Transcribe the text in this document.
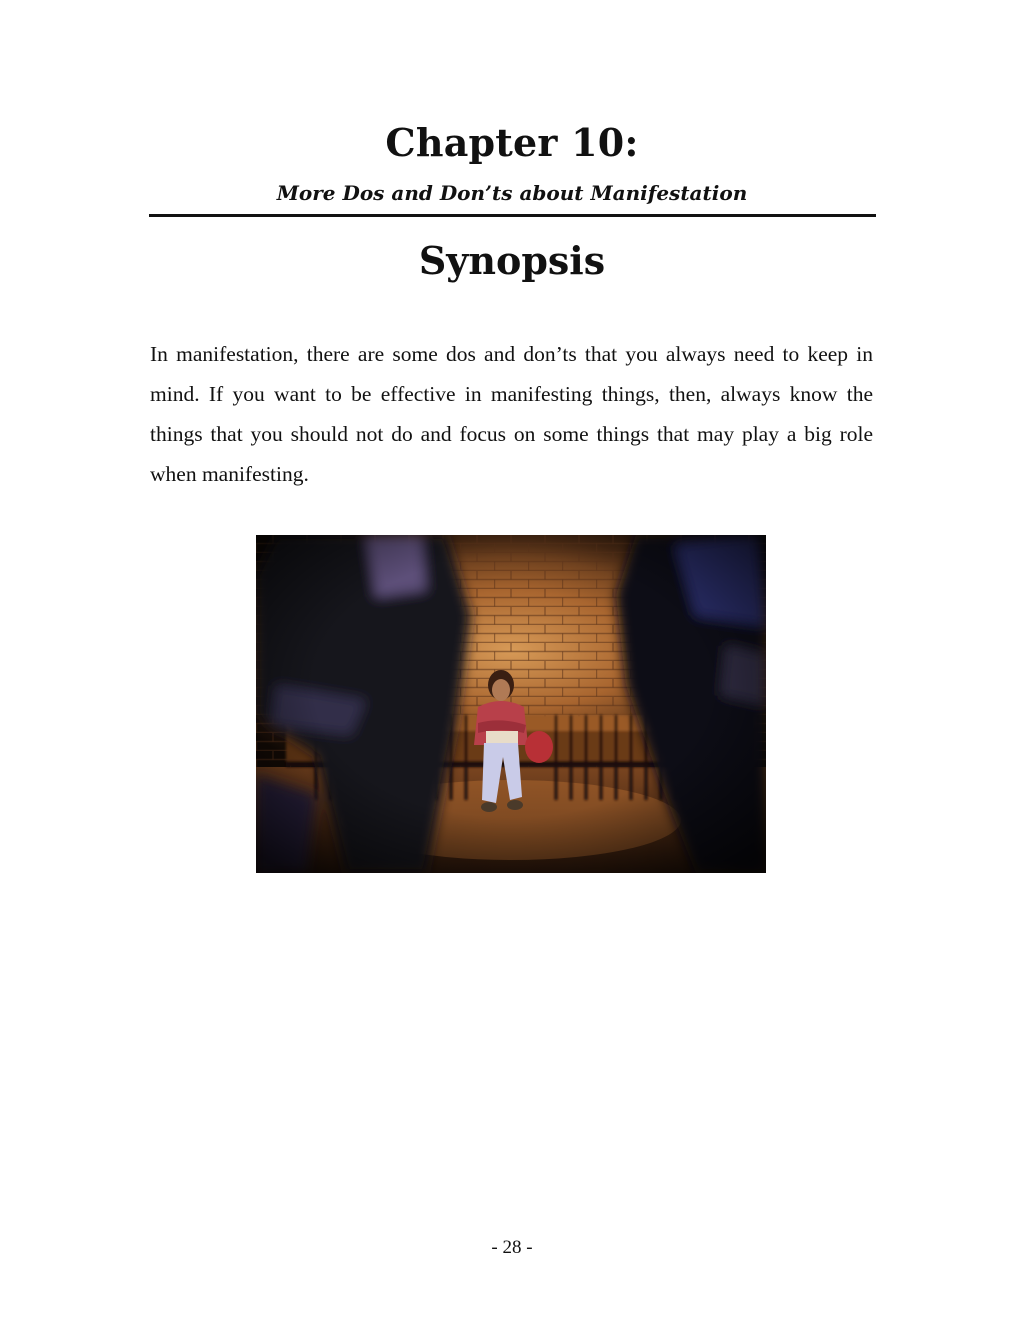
Chapter 10:
More Dos and Don’ts about Manifestation
Synopsis

In manifestation, there are some dos and don’ts that you always need to keep in mind. If you want to be effective in manifesting things, then, always know the things that you should not do and focus on some things that may play a big role when manifesting.

- 28 -
